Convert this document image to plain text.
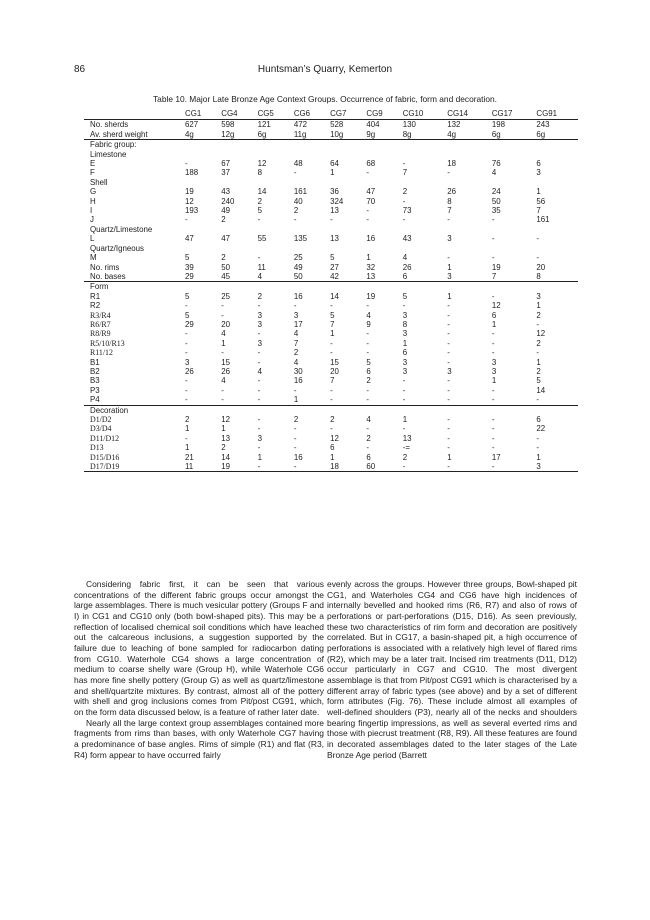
86	Huntsman’s Quarry, Kemerton
Table 10. Major Late Bronze Age Context Groups. Occurrence of fabric, form and decoration.
	CG1	CG4	CG5	CG6	CG7	CG9	CG10	CG14	CG17	CG91
No. sherds	627	598	121	472	528	404	130	132	198	243
Av. sherd weight	4g	12g	6g	11g	10g	9g	8g	4g	6g	6g
Fabric group:										
Limestone										
E	-	67	12	48	64	68	-	18	76	6
F	188	37	8	-	1	-	7	-	4	3
Shell										
G	19	43	14	161	36	47	2	26	24	1
H	12	240	2	40	324	70	-	8	50	56
I	193	49	5	2	13	-	73	7	35	7
J	-	2	-	-	-	-	-	-	-	161
Quartz/Limestone										
L	47	47	55	135	13	16	43	3	-	-
Quartz/Igneous										
M	5	2	-	25	5	1	4	-	-	-
No. rims	39	50	11	49	27	32	26	1	19	20
No. bases	29	45	4	50	42	13	6	3	7	8
Form										
R1	5	25	2	16	14	19	5	1	-	3
R2	-	-	-	-	-	-	-	-	12	1
R3/R4	5	-	3	3	5	4	3	-	6	2
R6/R7	29	20	3	17	7	9	8	-	1	-
R8/R9	-	4	-	4	1	-	3	-	-	12
R5/10/R13	-	1	3	7	-	-	1	-	-	2
R11/12	-	-	-	2	-	-	6	-	-	-
B1	3	15	-	4	15	5	3	-	3	1
B2	26	26	4	30	20	6	3	3	3	2
B3	-	4	-	16	7	2	-	-	1	5
P3	-	-	-	-	-	-	-	-	-	14
P4	-	-	-	1	-	-	-	-	-	-
Decoration										
D1/D2	2	12	-	2	2	4	1	-	-	6
D3/D4	1	1	-	-	-	-	-	-	-	22
D11/D12	-	13	3	-	12	2	13	-	-	-
D13	1	2	-	-	6	-	-=	-	-	-
D15/D16	21	14	1	16	1	6	2	1	17	1
D17/D19	11	19	-	-	18	60	-	-	-	3

Considering fabric first, it can be seen that various concentrations of the different fabric groups occur amongst the large assemblages. There is much vesicular pottery (Groups F and I) in CG1 and CG10 only (both bowl-shaped pits). This may be a reflection of localised chemical soil conditions which have leached out the calcareous inclusions, a suggestion supported by the failure due to leaching of bone sampled for radiocarbon dating from CG10. Waterhole CG4 shows a large concentration of medium to coarse shelly ware (Group H), while Waterhole CG6 has more fine shelly pottery (Group G) as well as quartz/limestone and shell/quartzite mixtures. By contrast, almost all of the pottery with shell and grog inclusions comes from Pit/post CG91, which, on the form data discussed below, is a feature of rather later date.

Nearly all the large context group assemblages contained more fragments from rims than bases, with only Waterhole CG7 having a predominance of base angles. Rims of simple (R1) and flat (R3, R4) form appear to have occurred fairly

evenly across the groups. However three groups, Bowl-shaped pit CG1, and Waterholes CG4 and CG6 have high incidences of internally bevelled and hooked rims (R6, R7) and also of rows of perforations or part-perforations (D15, D16). As seen previously, these two characteristics of rim form and decoration are positively correlated. But in CG17, a basin-shaped pit, a high occurrence of perforations is associated with a relatively high level of flared rims (R2), which may be a later trait. Incised rim treatments (D11, D12) occur particularly in CG7 and CG10. The most divergent assemblage is that from Pit/post CG91 which is characterised by a different array of fabric types (see above) and by a set of different form attributes (Fig. 76). These include almost all examples of well-defined shoulders (P3), nearly all of the necks and shoulders bearing fingertip impressions, as well as several everted rims and those with piecrust treatment (R8, R9). All these features are found in decorated assemblages dated to the later stages of the Late Bronze Age period (Barrett
